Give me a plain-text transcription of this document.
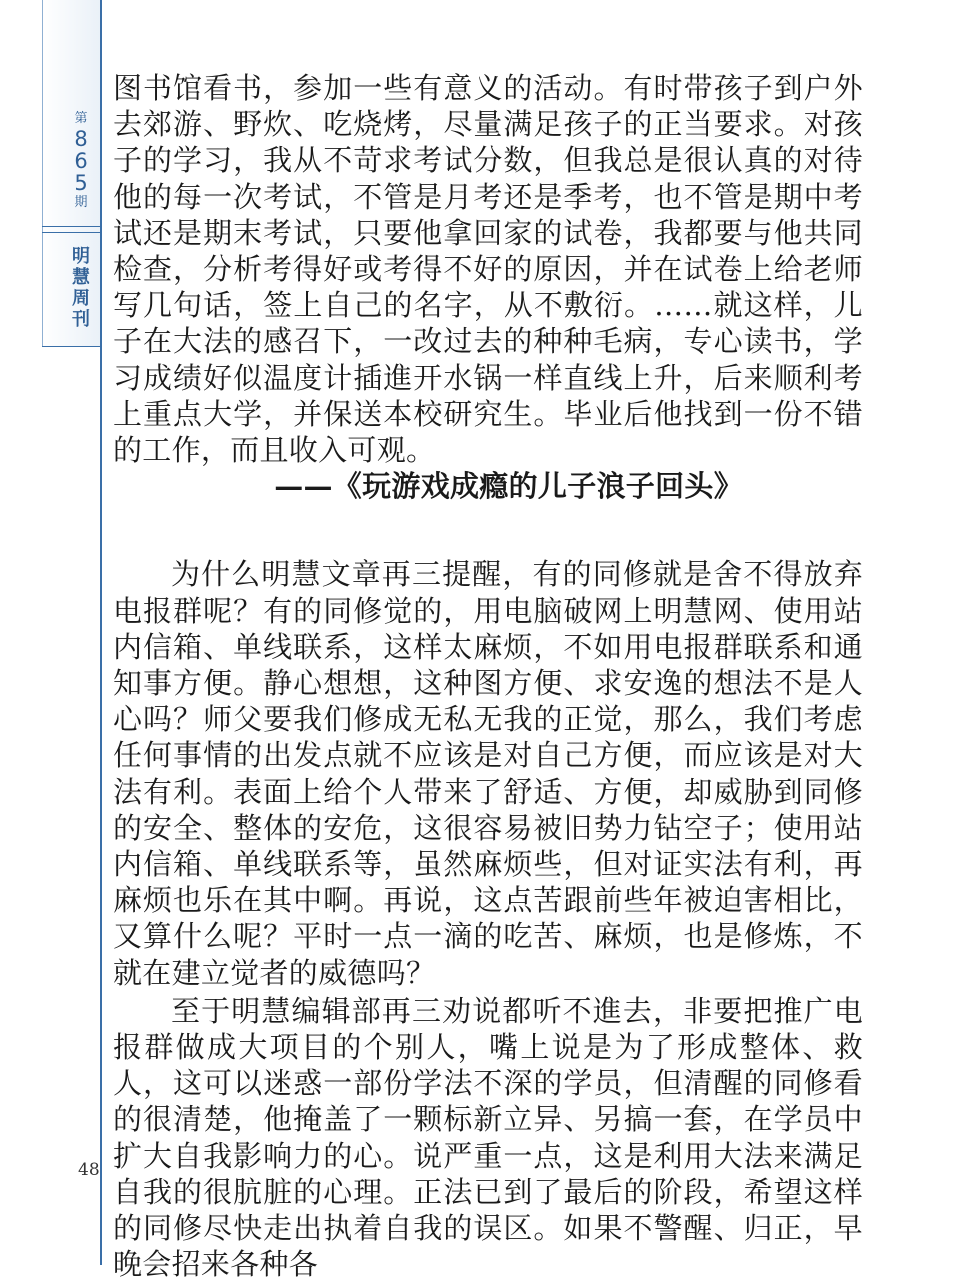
第
8
6
5
期
明
慧
周
刊

图书馆看书，参加一些有意义的活动。有时带孩子到户外去郊游、野炊、吃烧烤，尽量满足孩子的正当要求。对孩子的学习，我从不苛求考试分数，但我总是很认真的对待他的每一次考试，不管是月考还是季考，也不管是期中考试还是期末考试，只要他拿回家的试卷，我都要与他共同检查，分析考得好或考得不好的原因，并在试卷上给老师写几句话，签上自己的名字，从不敷衍。……就这样，儿子在大法的感召下，一改过去的种种毛病，专心读书，学习成绩好似温度计插進开水锅一样直线上升，后来顺利考上重点大学，并保送本校研究生。毕业后他找到一份不错的工作，而且收入可观。

——《玩游戏成瘾的儿子浪子回头》

为什么明慧文章再三提醒，有的同修就是舍不得放弃电报群呢？有的同修觉的，用电脑破网上明慧网、使用站内信箱、单线联系，这样太麻烦，不如用电报群联系和通知事方便。静心想想，这种图方便、求安逸的想法不是人心吗？师父要我们修成无私无我的正觉，那么，我们考虑任何事情的出发点就不应该是对自己方便，而应该是对大法有利。表面上给个人带来了舒适、方便，却威胁到同修的安全、整体的安危，这很容易被旧势力钻空子；使用站内信箱、单线联系等，虽然麻烦些，但对证实法有利，再麻烦也乐在其中啊。再说，这点苦跟前些年被迫害相比，又算什么呢？平时一点一滴的吃苦、麻烦，也是修炼，不就在建立觉者的威德吗？

至于明慧编辑部再三劝说都听不進去，非要把推广电报群做成大项目的个别人，嘴上说是为了形成整体、救人，这可以迷惑一部份学法不深的学员，但清醒的同修看的很清楚，他掩盖了一颗标新立异、另搞一套，在学员中扩大自我影响力的心。说严重一点，这是利用大法来满足自我的很肮脏的心理。正法已到了最后的阶段，希望这样的同修尽快走出执着自我的误区。如果不警醒、归正，早晚会招来各种各

48
